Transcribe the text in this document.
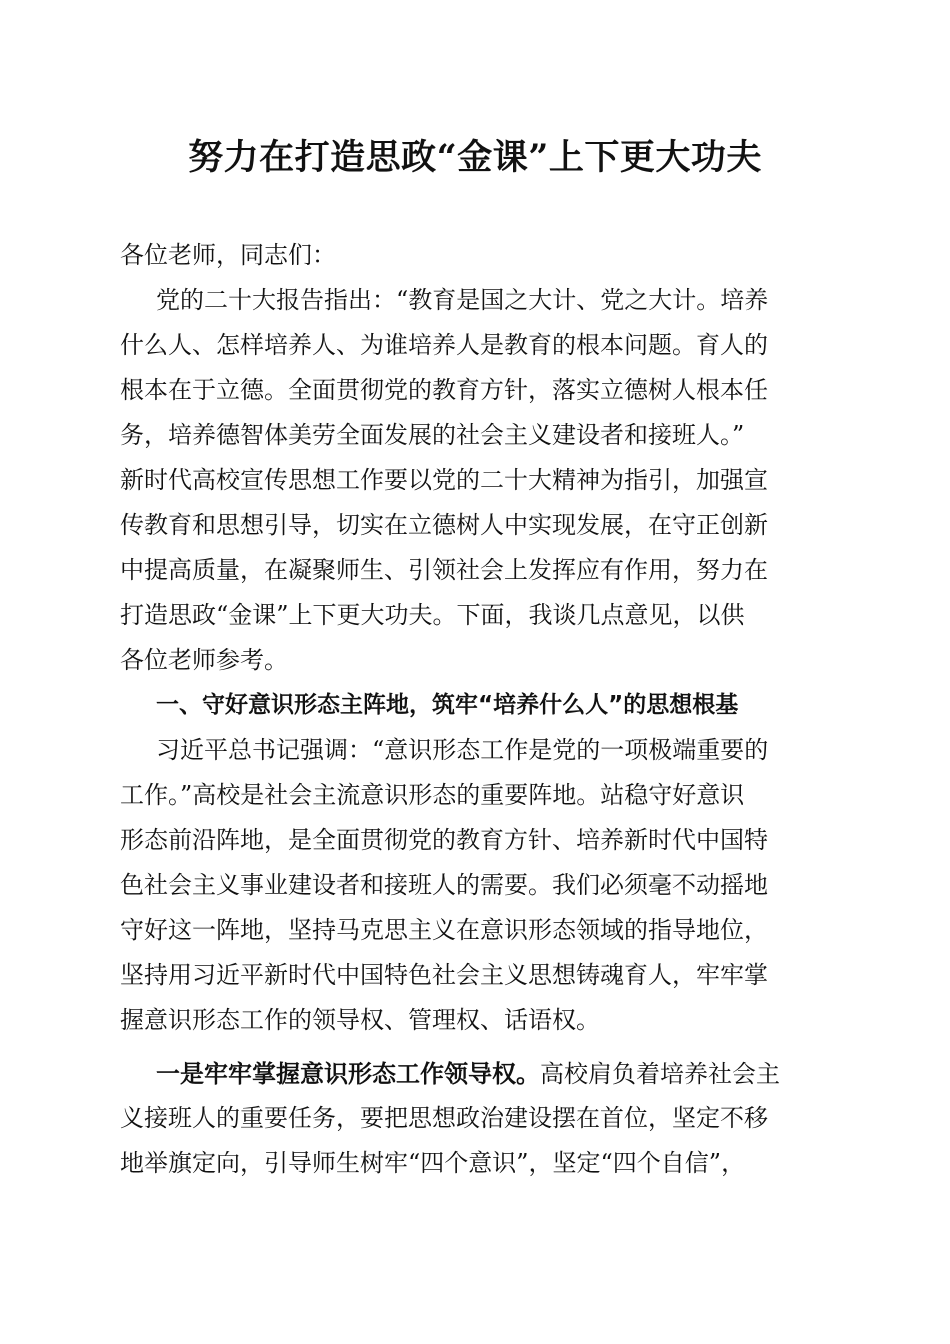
努力在打造思政“金课”上下更大功夫
各位老师，同志们：
党的二十大报告指出：“教育是国之大计、党之大计。培养
什么人、怎样培养人、为谁培养人是教育的根本问题。育人的
根本在于立德。全面贯彻党的教育方针，落实立德树人根本任
务，培养德智体美劳全面发展的社会主义建设者和接班人。”
新时代高校宣传思想工作要以党的二十大精神为指引，加强宣
传教育和思想引导，切实在立德树人中实现发展，在守正创新
中提高质量，在凝聚师生、引领社会上发挥应有作用，努力在
打造思政“金课”上下更大功夫。下面，我谈几点意见，以供
各位老师参考。
一、守好意识形态主阵地，筑牢“培养什么人”的思想根基
习近平总书记强调：“意识形态工作是党的一项极端重要的
工作。”高校是社会主流意识形态的重要阵地。站稳守好意识
形态前沿阵地，是全面贯彻党的教育方针、培养新时代中国特
色社会主义事业建设者和接班人的需要。我们必须毫不动摇地
守好这一阵地，坚持马克思主义在意识形态领域的指导地位，
坚持用习近平新时代中国特色社会主义思想铸魂育人，牢牢掌
握意识形态工作的领导权、管理权、话语权。
一是牢牢掌握意识形态工作领导权。高校肩负着培养社会主
义接班人的重要任务，要把思想政治建设摆在首位，坚定不移
地举旗定向，引导师生树牢“四个意识”，坚定“四个自信”，
